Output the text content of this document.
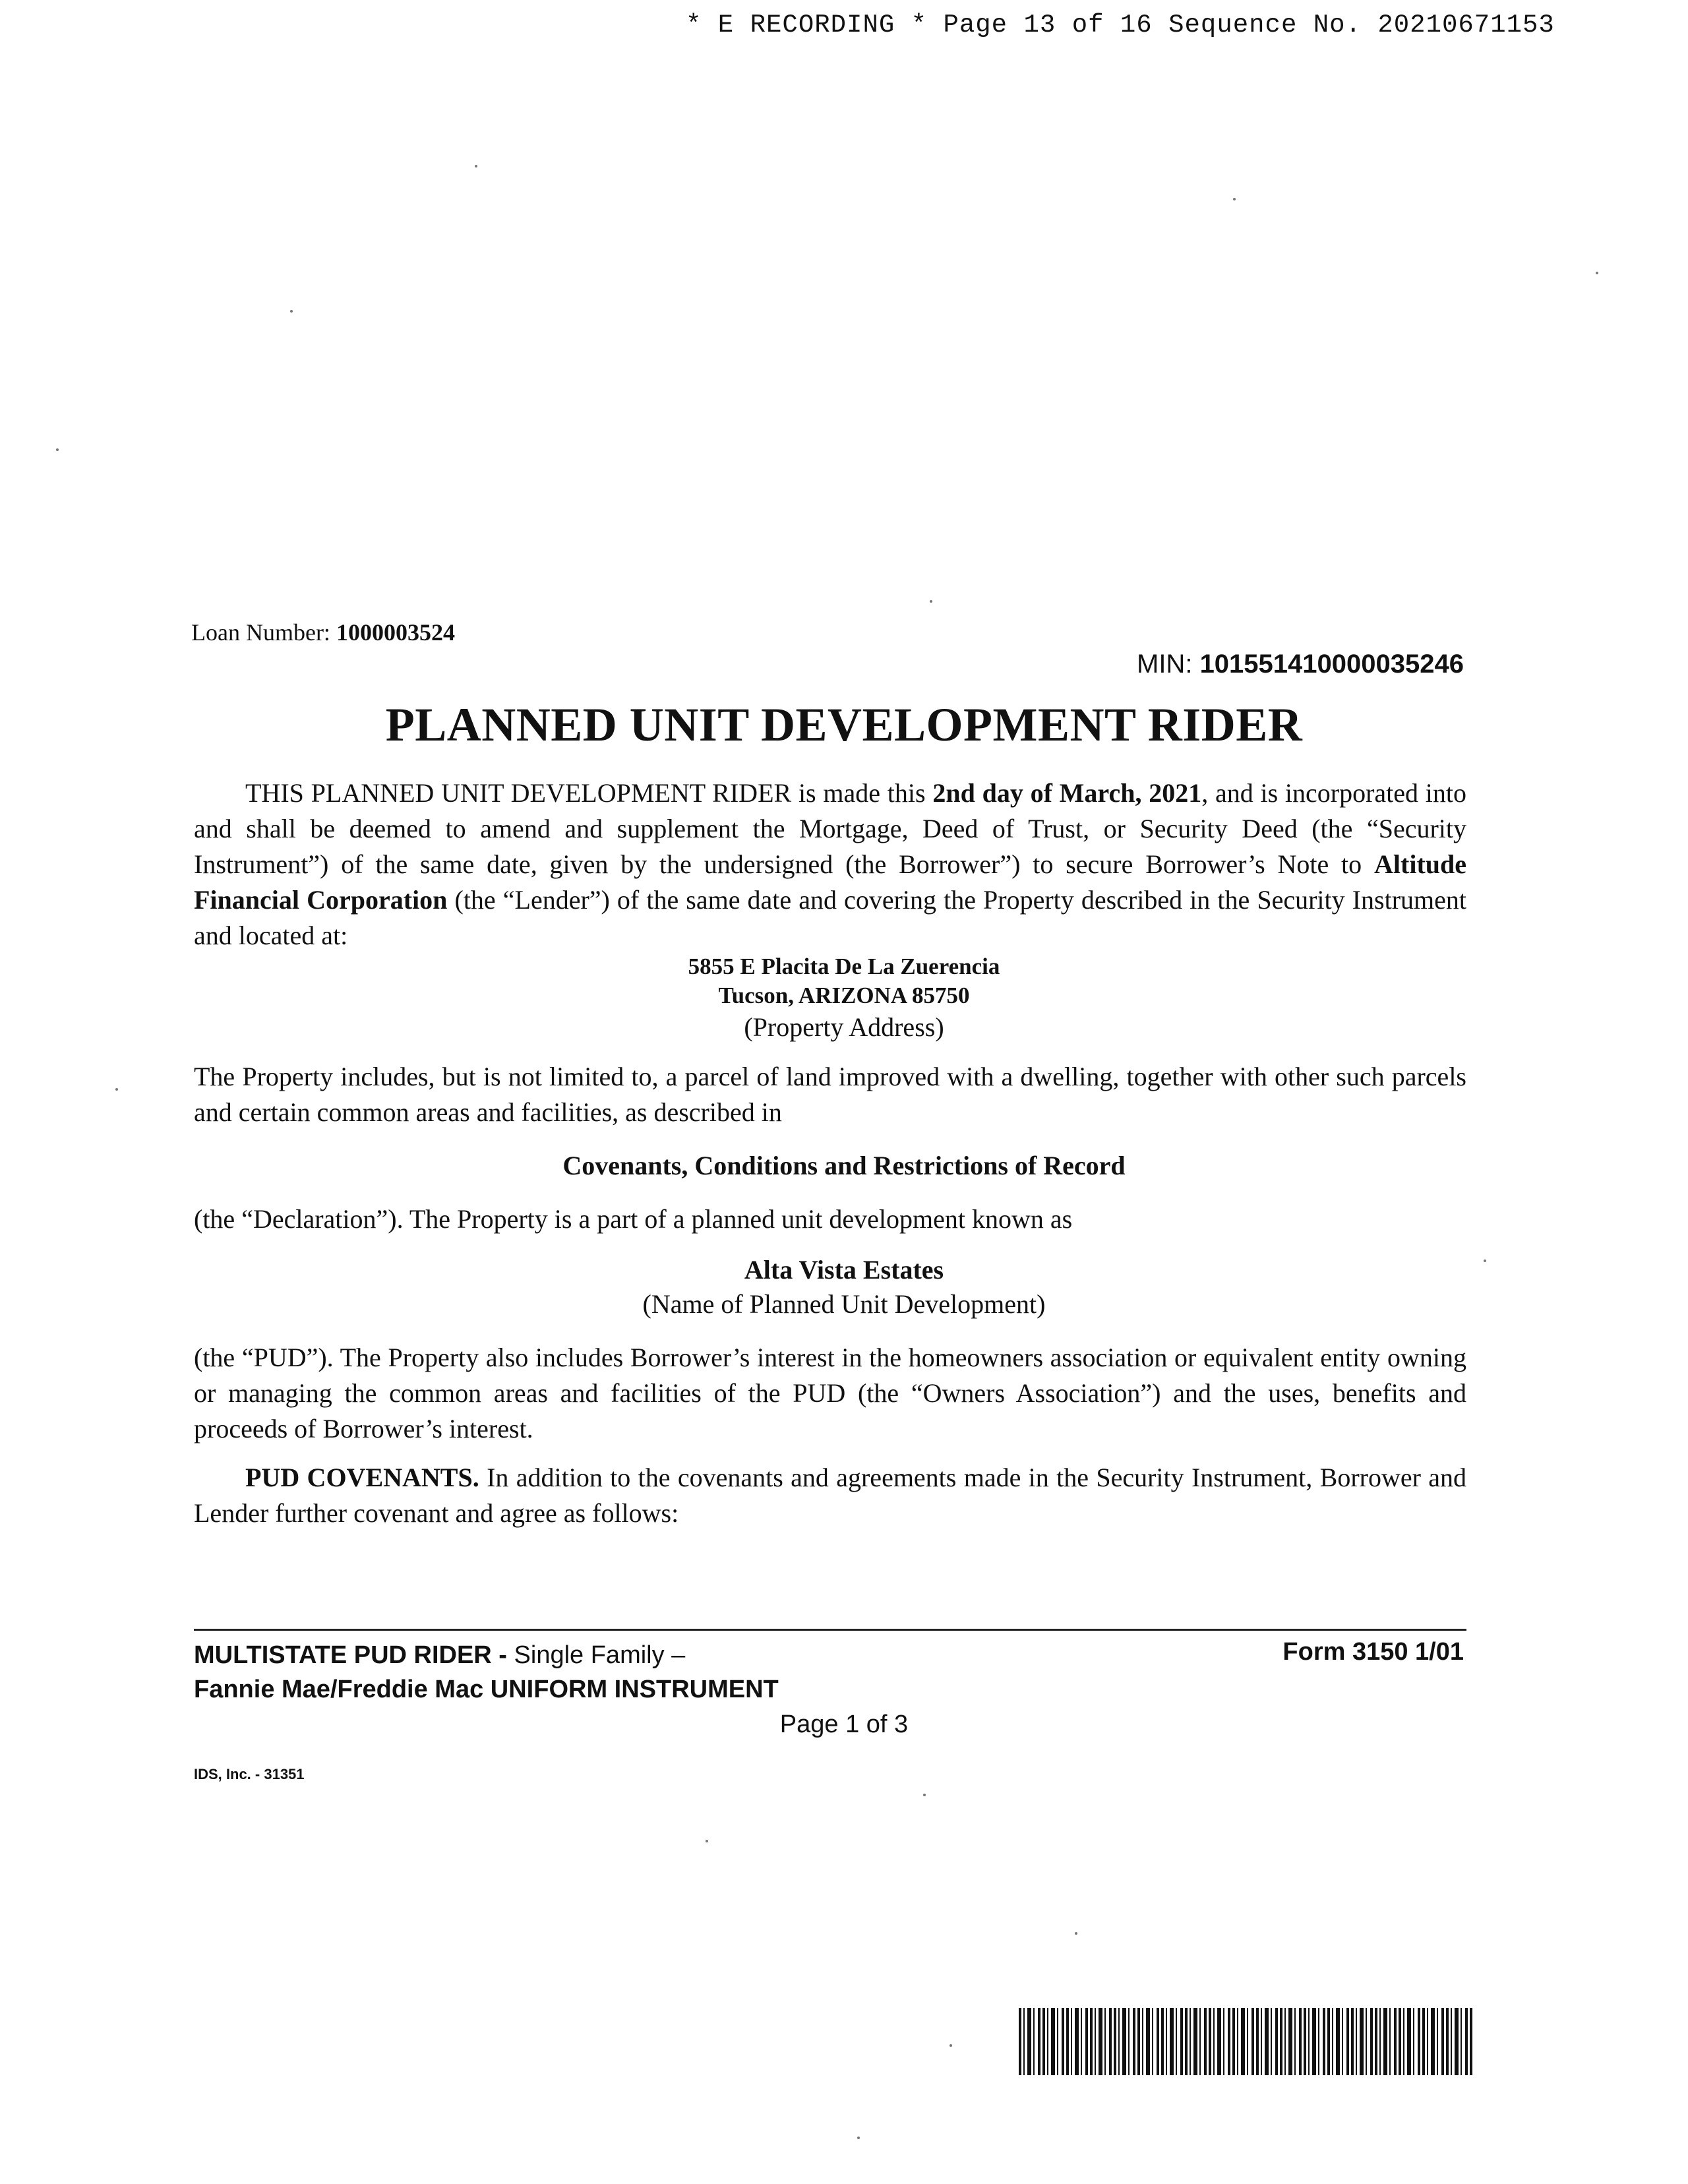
* E RECORDING * Page 13 of 16 Sequence No. 20210671153
Loan Number: 1000003524
MIN: 101551410000035246
PLANNED UNIT DEVELOPMENT RIDER
THIS PLANNED UNIT DEVELOPMENT RIDER is made this 2nd day of March, 2021, and is incorporated into and shall be deemed to amend and supplement the Mortgage, Deed of Trust, or Security Deed (the “Security Instrument”) of the same date, given by the undersigned (the Borrower”) to secure Borrower’s Note to Altitude Financial Corporation (the “Lender”) of the same date and covering the Property described in the Security Instrument and located at:
5855 E Placita De La Zuerencia
Tucson, ARIZONA 85750
(Property Address)
The Property includes, but is not limited to, a parcel of land improved with a dwelling, together with other such parcels and certain common areas and facilities, as described in
Covenants, Conditions and Restrictions of Record
(the “Declaration”). The Property is a part of a planned unit development known as
Alta Vista Estates
(Name of Planned Unit Development)
(the “PUD”). The Property also includes Borrower’s interest in the homeowners association or equivalent entity owning or managing the common areas and facilities of the PUD (the “Owners Association”) and the uses, benefits and proceeds of Borrower’s interest.
PUD COVENANTS. In addition to the covenants and agreements made in the Security Instrument, Borrower and Lender further covenant and agree as follows:
MULTISTATE PUD RIDER - Single Family –
Fannie Mae/Freddie Mac UNIFORM INSTRUMENT
Form 3150 1/01
Page 1 of 3
IDS, Inc. - 31351
